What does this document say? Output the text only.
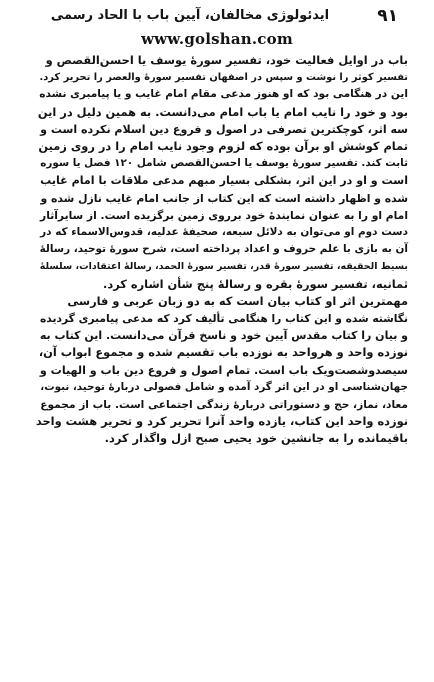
۹۱
ایدئولوژی مخالفان، آیین باب با الحاد رسمی
www.golshan.com
باب در اوایل فعالیت خود، تفسیر سورهٔ یوسف یا احسن‌القصص و
تفسیر کوثر را نوشت و سپس در اصفهان تفسیر سورهٔ والعصر را تحریر کرد.
این در هنگامی بود که او هنوز مدعی مقام امام غایب و یا پیامبری نشده
بود و خود را نایب امام یا باب امام می‌دانست. به همین دلیل در این
سه اثر، کوچکترین تصرفی در اصول و فروع دین اسلام نکرده است و
تمام کوشش او برآن بوده که لزوم وجود نایب امام را در روی زمین
ثابت کند. تفسیر سورهٔ یوسف یا احسن‌القصص شامل ۱۲۰ فصل یا سوره
است و او در این اثر، بشکلی بسیار مبهم مدعی ملاقات با امام غایب
شده و اظهار داشته است که این کتاب از جانب امام غایب نازل شده و
امام او را به عنوان نمایندهٔ خود برروی زمین برگزیده است. از سایرآثار
دست دوم او می‌توان به دلائل سبعه، صحیفهٔ عدلیه، قدوس‌الاسماء که در
آن به بازی با علم حروف و اعداد پرداخته است، شرح سورهٔ توحید، رسالهٔ
بسیط الحقیقه، تفسیر سورهٔ قدر، تفسیر سورهٔ الحمد، رسالهٔ اعتقادات، سلسلهٔ
ثمانیه، تفسیر سورهٔ بقره و رسالهٔ پنج شأن اشاره کرد.
مهمترین اثر او کتاب بیان است که به دو زبان عربی و فارسی
نگاشته شده و این کتاب را هنگامی تألیف کرد که مدعی پیامبری گردیده
و بیان را کتاب مقدس آیین خود و ناسخ قرآن می‌دانست. این کتاب به
نوزده واحد و هرواحد به نوزده باب تقسیم شده و مجموع ابواب آن،
سیصدوشصت‌ویک باب است. تمام اصول و فروع دین باب و الهیات و
جهان‌شناسی او در این اثر گرد آمده و شامل فصولی دربارهٔ توحید، نبوت،
معاد، نماز، حج و دستوراتی دربارهٔ زندگی اجتماعی است. باب از مجموع
نوزده واحد این کتاب، یازده واحد آنرا تحریر کرد و تحریر هشت واحد
باقیمانده را به جانشین خود یحیی صبح ازل واگذار کرد.
